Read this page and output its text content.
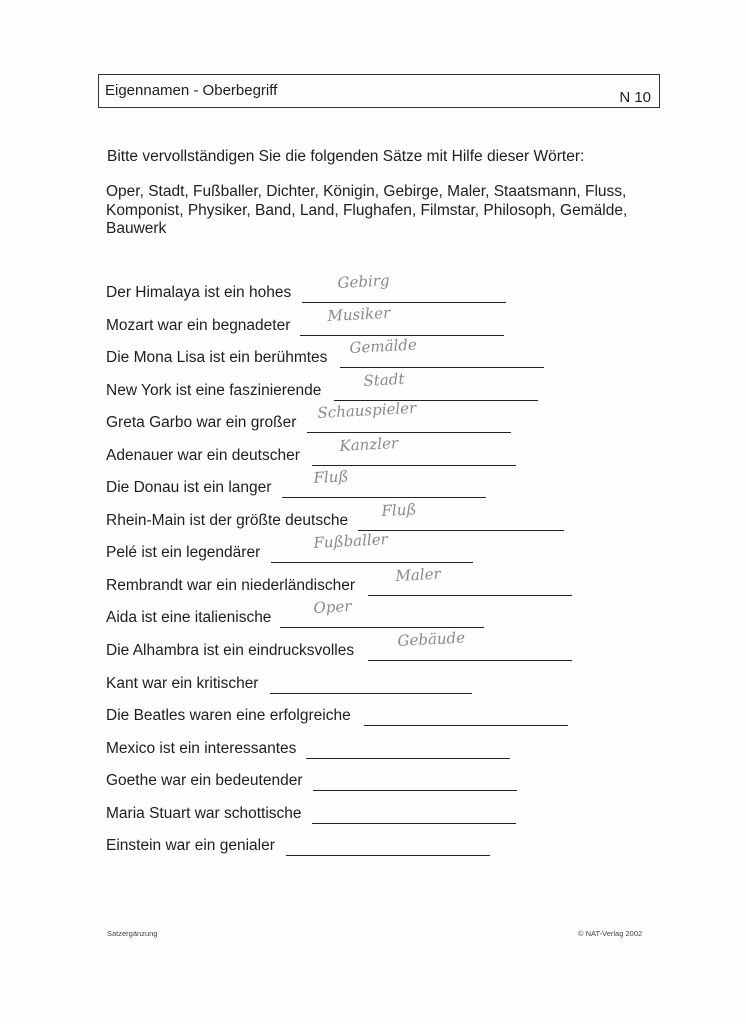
Eigennamen - Oberbegriff	N 10
Bitte vervollständigen Sie die folgenden Sätze mit Hilfe dieser Wörter:
Oper, Stadt, Fußballer, Dichter, Königin, Gebirge, Maler, Staatsmann, Fluss, Komponist, Physiker, Band, Land, Flughafen, Filmstar, Philosoph, Gemälde, Bauwerk
Der Himalaya ist ein hohes
Gebirg
Mozart war ein begnadeter
Musiker
Die Mona Lisa ist ein berühmtes
Gemälde
New York ist eine faszinierende
Stadt
Greta Garbo war ein großer
Schauspieler
Adenauer war ein deutscher
Kanzler
Die Donau ist ein langer
Fluß
Rhein-Main ist der größte deutsche
Fluß
Pelé ist ein legendärer
Fußballer
Rembrandt war ein niederländischer
Maler
Aida ist eine italienische
Oper
Die Alhambra ist ein eindrucksvolles
Gebäude
Kant war ein kritischer
Die Beatles waren eine erfolgreiche
Mexico ist ein interessantes
Goethe war ein bedeutender
Maria Stuart war schottische
Einstein war ein genialer
Satzergänzung	© NAT-Verlag 2002
